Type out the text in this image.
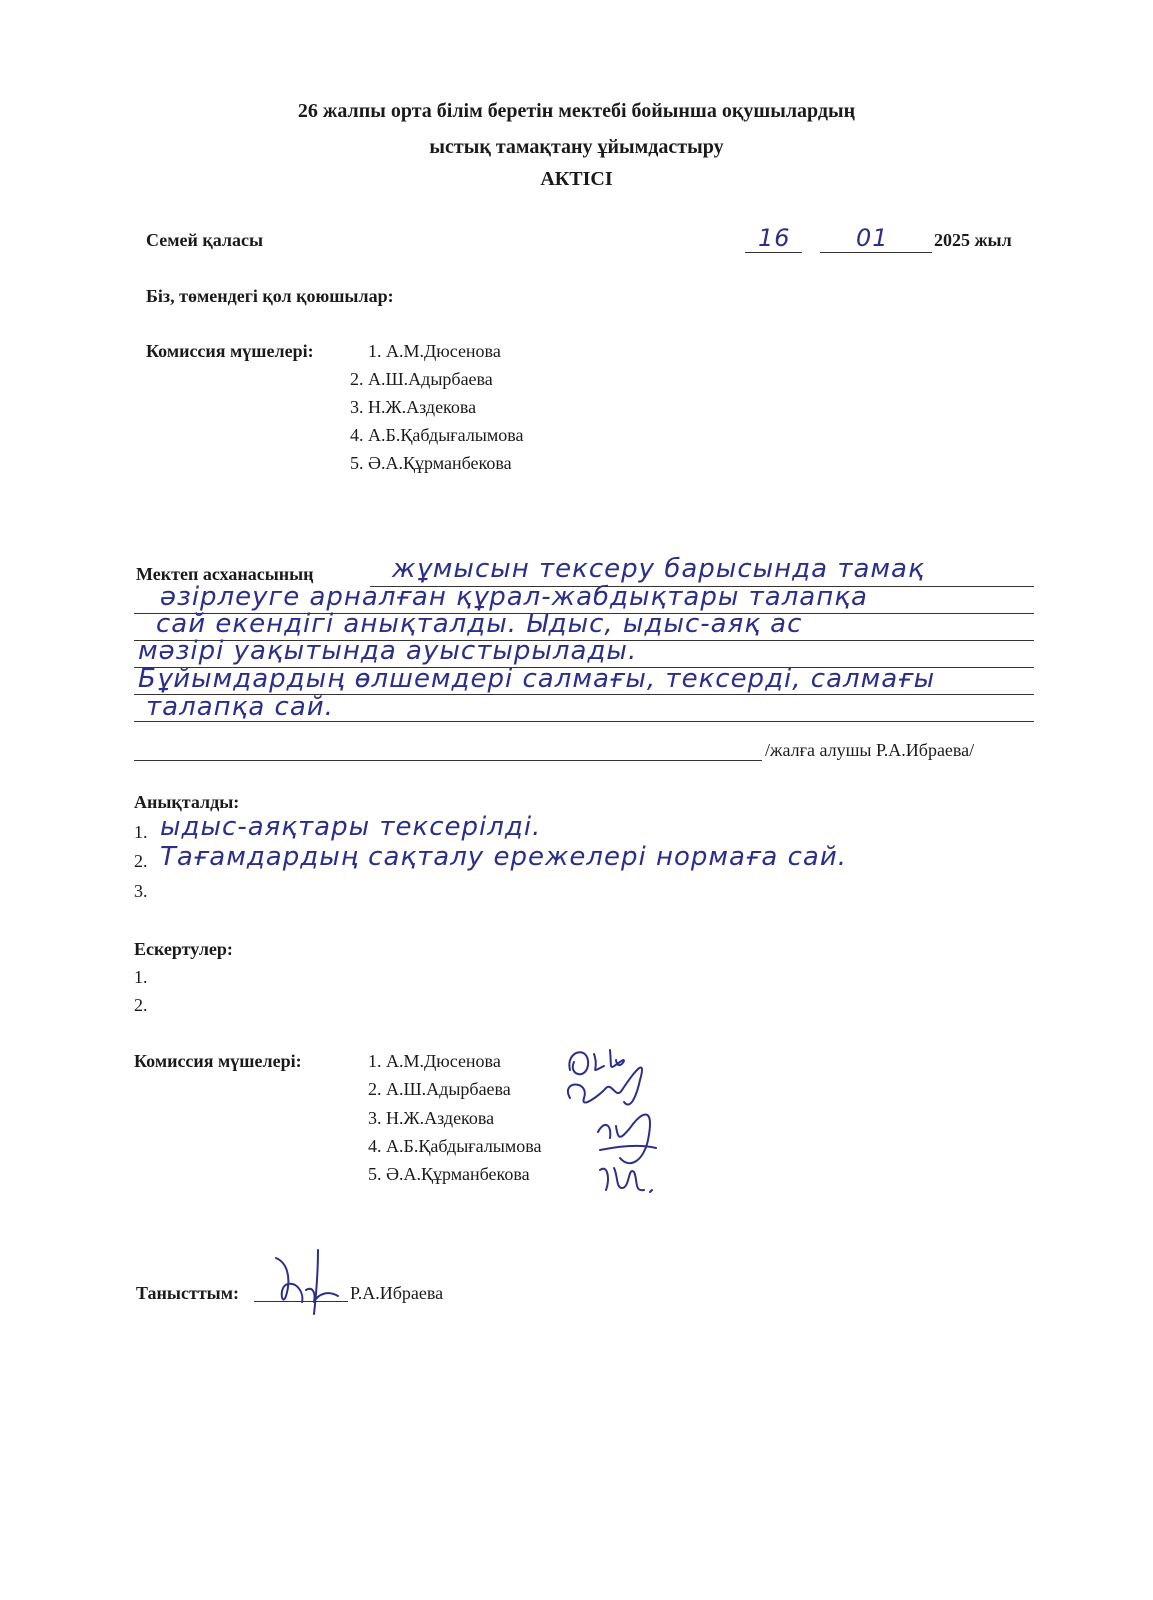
26 жалпы орта білім беретін мектебі бойынша оқушылардың
ыстық тамақтану ұйымдастыру
АКТІСІ
Семей қаласы	16	01	2025 жыл
Біз, төмендегі қол қоюшылар:
Комиссия мүшелері:	1. А.М.Дюсенова
2. А.Ш.Адырбаева
3. Н.Ж.Аздекова
4. А.Б.Қабдығалымова
5. Ә.А.Құрманбекова
Мектеп асханасының	жұмысын тексеру барысында тамақ
әзірлеуге арналған құрал-жабдықтары талапқа
сай екендігі анықталды. Ыдыс, ыдыс-аяқ ас
мәзірі уақытында ауыстырылады.
Бұйымдардың өлшемдері салмағы, тексерді, салмағы
талапқа сай.
/жалға алушы Р.А.Ибраева/
Анықталды:
1. ыдыс-аяқтары тексерілді.
2. Тағамдардың сақталу ережелері нормаға сай.
3.
Ескертулер:
1.
2.
Комиссия мүшелері:	1. А.М.Дюсенова
2. А.Ш.Адырбаева
3. Н.Ж.Аздекова
4. А.Б.Қабдығалымова
5. Ә.А.Құрманбекова
Танысттым:	Р.А.Ибраева
